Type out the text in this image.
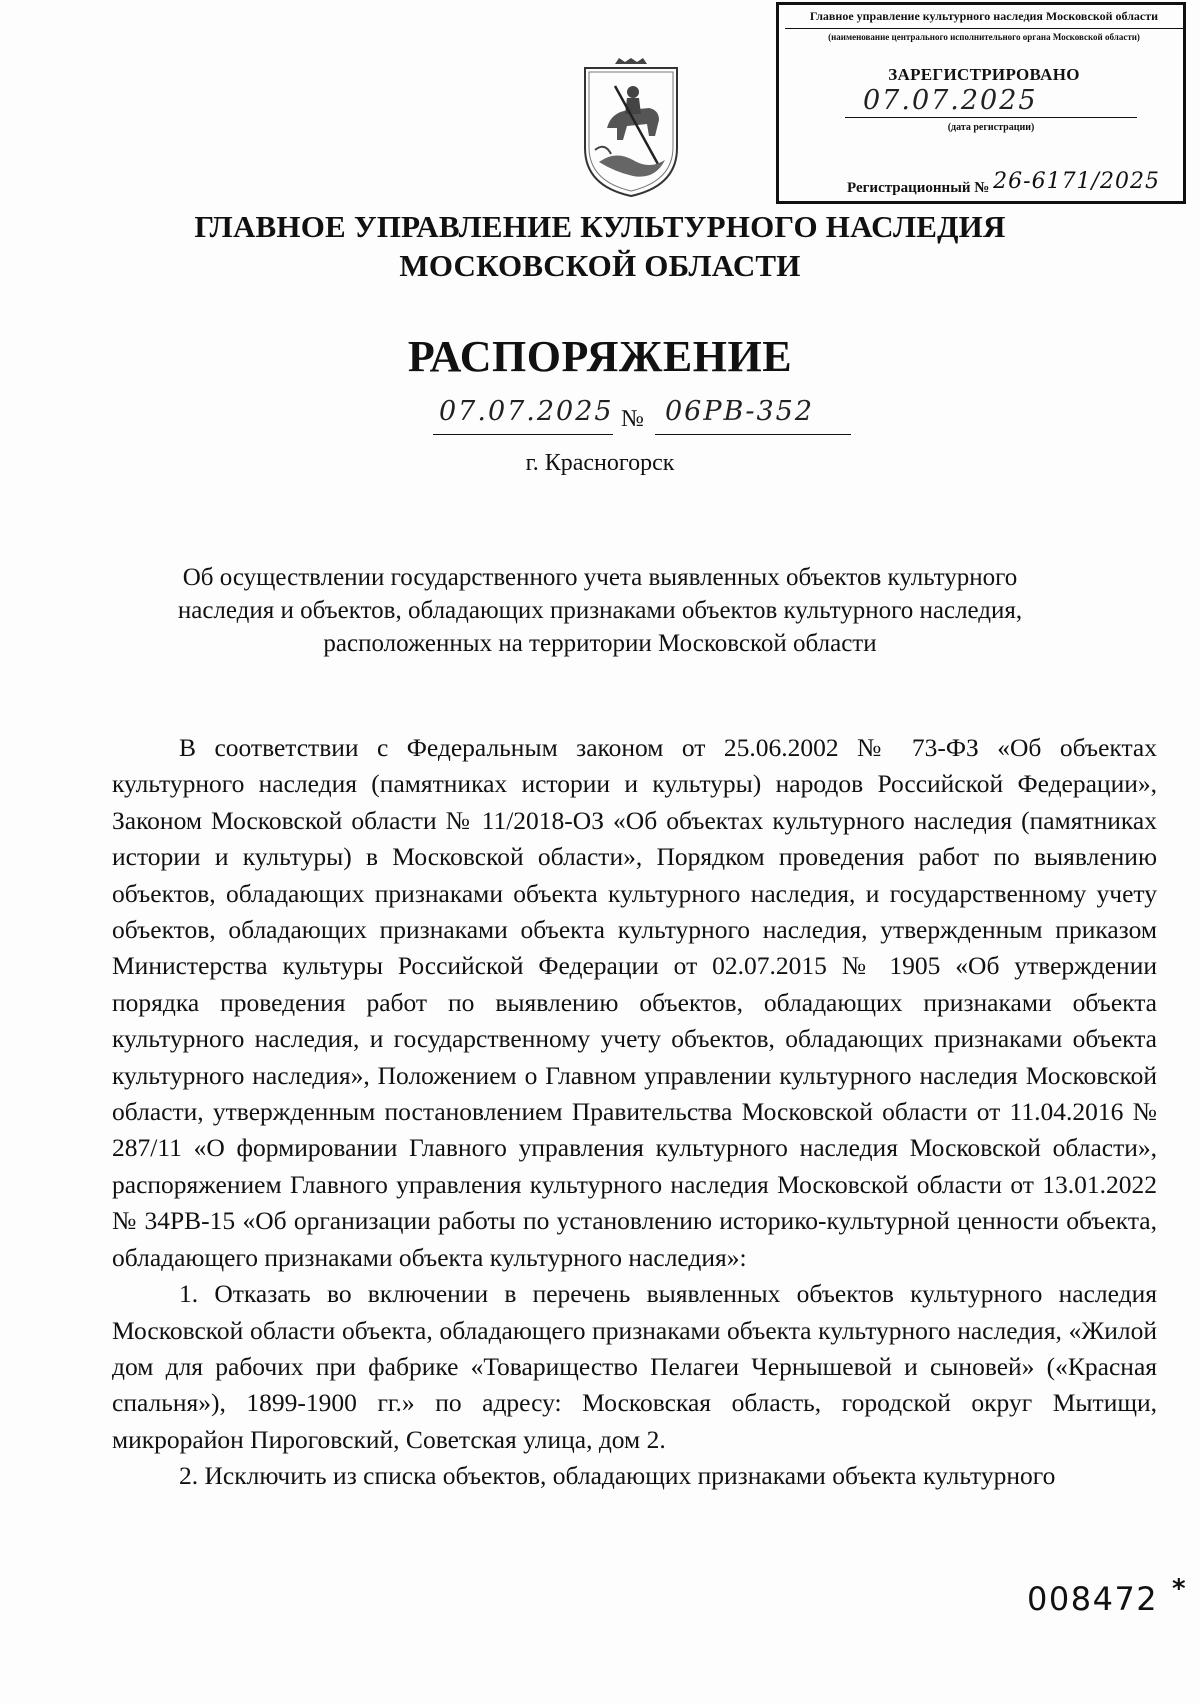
Главное управление культурного наследия Московской области
(наименование центрального исполнительного органа Московской области)
ЗАРЕГИСТРИРОВАНО
07.07.2025
(дата регистрации)
Регистрационный № 26-6171/2025
ГЛАВНОЕ УПРАВЛЕНИЕ КУЛЬТУРНОГО НАСЛЕДИЯ
МОСКОВСКОЙ ОБЛАСТИ
РАСПОРЯЖЕНИЕ
07.07.2025 № 06РВ-352
г. Красногорск
Об осуществлении государственного учета выявленных объектов культурного
наследия и объектов, обладающих признаками объектов культурного наследия,
расположенных на территории Московской области

В соответствии с Федеральным законом от 25.06.2002 № 73-ФЗ «Об объектах культурного наследия (памятниках истории и культуры) народов Российской Федерации», Законом Московской области № 11/2018-ОЗ «Об объектах культурного наследия (памятниках истории и культуры) в Московской области», Порядком проведения работ по выявлению объектов, обладающих признаками объекта культурного наследия, и государственному учету объектов, обладающих признаками объекта культурного наследия, утвержденным приказом Министерства культуры Российской Федерации от 02.07.2015 № 1905 «Об утверждении порядка проведения работ по выявлению объектов, обладающих признаками объекта культурного наследия, и государственному учету объектов, обладающих признаками объекта культурного наследия», Положением о Главном управлении культурного наследия Московской области, утвержденным постановлением Правительства Московской области от 11.04.2016 № 287/11 «О формировании Главного управления культурного наследия Московской области», распоряжением Главного управления культурного наследия Московской области от 13.01.2022 № 34РВ-15 «Об организации работы по установлению историко-культурной ценности объекта, обладающего признаками объекта культурного наследия»:

1. Отказать во включении в перечень выявленных объектов культурного наследия Московской области объекта, обладающего признаками объекта культурного наследия, «Жилой дом для рабочих при фабрике «Товарищество Пелагеи Чернышевой и сыновей» («Красная спальня»), 1899-1900 гг.» по адресу: Московская область, городской округ Мытищи, микрорайон Пироговский, Советская улица, дом 2.

2. Исключить из списка объектов, обладающих признаками объекта культурного

008472 *
